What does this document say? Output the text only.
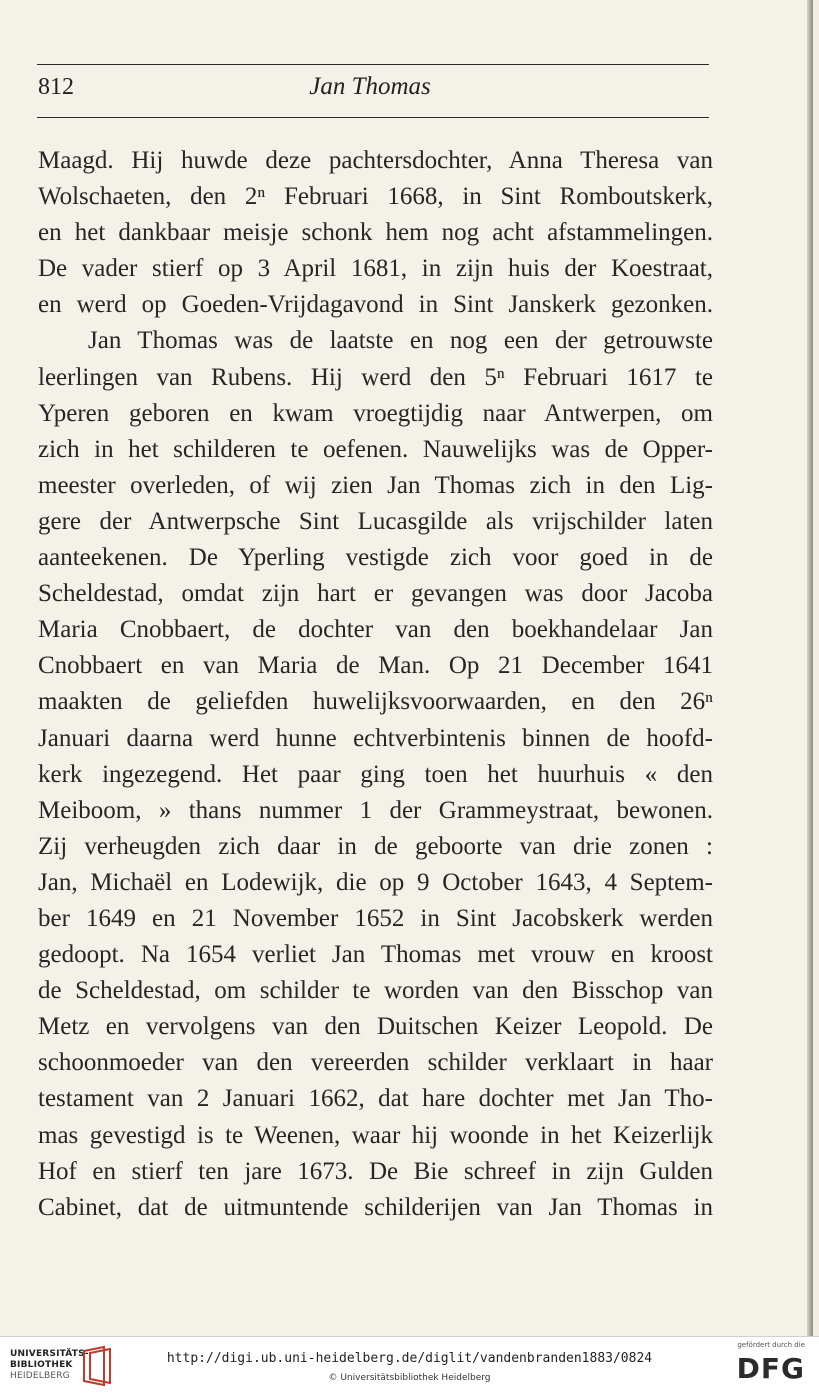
812	Jan Thomas
Maagd. Hij huwde deze pachtersdochter, Anna Theresa van
Wolschaeten, den 2ⁿ Februari 1668, in Sint Romboutskerk,
en het dankbaar meisje schonk hem nog acht afstammelingen.
De vader stierf op 3 April 1681, in zijn huis der Koestraat,
en werd op Goeden-Vrijdagavond in Sint Janskerk gezonken.
Jan Thomas was de laatste en nog een der getrouwste
leerlingen van Rubens. Hij werd den 5ⁿ Februari 1617 te
Yperen geboren en kwam vroegtijdig naar Antwerpen, om
zich in het schilderen te oefenen. Nauwelijks was de Opper-
meester overleden, of wij zien Jan Thomas zich in den Lig-
gere der Antwerpsche Sint Lucasgilde als vrijschilder laten
aanteekenen. De Yperling vestigde zich voor goed in de
Scheldestad, omdat zijn hart er gevangen was door Jacoba
Maria Cnobbaert, de dochter van den boekhandelaar Jan
Cnobbaert en van Maria de Man. Op 21 December 1641
maakten de geliefden huwelijksvoorwaarden, en den 26ⁿ
Januari daarna werd hunne echtverbintenis binnen de hoofd-
kerk ingezegend. Het paar ging toen het huurhuis « den
Meiboom, » thans nummer 1 der Grammeystraat, bewonen.
Zij verheugden zich daar in de geboorte van drie zonen :
Jan, Michaël en Lodewijk, die op 9 October 1643, 4 Septem-
ber 1649 en 21 November 1652 in Sint Jacobskerk werden
gedoopt. Na 1654 verliet Jan Thomas met vrouw en kroost
de Scheldestad, om schilder te worden van den Bisschop van
Metz en vervolgens van den Duitschen Keizer Leopold. De
schoonmoeder van den vereerden schilder verklaart in haar
testament van 2 Januari 1662, dat hare dochter met Jan Tho-
mas gevestigd is te Weenen, waar hij woonde in het Keizerlijk
Hof en stierf ten jare 1673. De Bie schreef in zijn Gulden
Cabinet, dat de uitmuntende schilderijen van Jan Thomas in
UNIVERSITÄTS-
BIBLIOTHEK
HEIDELBERG
http://digi.ub.uni-heidelberg.de/diglit/vandenbranden1883/0824
© Universitätsbibliothek Heidelberg
gefördert durch die
DFG
